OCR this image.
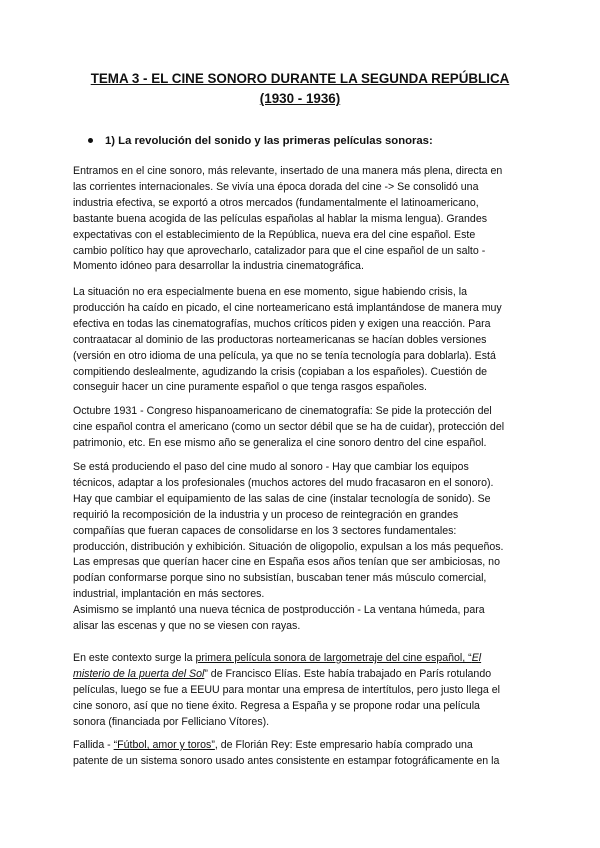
TEMA 3 - EL CINE SONORO DURANTE LA SEGUNDA REPÚBLICA
(1930 - 1936)
1) La revolución del sonido y las primeras películas sonoras:

Entramos en el cine sonoro, más relevante, insertado de una manera más plena, directa en
las corrientes internacionales. Se vivía una época dorada del cine -> Se consolidó una
industria efectiva, se exportó a otros mercados (fundamentalmente el latinoamericano,
bastante buena acogida de las películas españolas al hablar la misma lengua). Grandes
expectativas con el establecimiento de la República, nueva era del cine español. Este
cambio político hay que aprovecharlo, catalizador para que el cine español de un salto -
Momento idóneo para desarrollar la industria cinematográfica.

La situación no era especialmente buena en ese momento, sigue habiendo crisis, la
producción ha caído en picado, el cine norteamericano está implantándose de manera muy
efectiva en todas las cinematografías, muchos críticos piden y exigen una reacción. Para
contraatacar al dominio de las productoras norteamericanas se hacían dobles versiones
(versión en otro idioma de una película, ya que no se tenía tecnología para doblarla). Está
compitiendo deslealmente, agudizando la crisis (copiaban a los españoles). Cuestión de
conseguir hacer un cine puramente español o que tenga rasgos españoles.

Octubre 1931 - Congreso hispanoamericano de cinematografía: Se pide la protección del
cine español contra el americano (como un sector débil que se ha de cuidar), protección del
patrimonio, etc. En ese mismo año se generaliza el cine sonoro dentro del cine español.

Se está produciendo el paso del cine mudo al sonoro - Hay que cambiar los equipos
técnicos, adaptar a los profesionales (muchos actores del mudo fracasaron en el sonoro).
Hay que cambiar el equipamiento de las salas de cine (instalar tecnología de sonido). Se
requirió la recomposición de la industria y un proceso de reintegración en grandes
compañías que fueran capaces de consolidarse en los 3 sectores fundamentales:
producción, distribución y exhibición. Situación de oligopolio, expulsan a los más pequeños.
Las empresas que querían hacer cine en España esos años tenían que ser ambiciosas, no
podían conformarse porque sino no subsistían, buscaban tener más músculo comercial,
industrial, implantación en más sectores.

Asimismo se implantó una nueva técnica de postproducción - La ventana húmeda, para
alisar las escenas y que no se viesen con rayas.

En este contexto surge la primera película sonora de largometraje del cine español, “El
misterio de la puerta del Sol” de Francisco Elías. Este había trabajado en París rotulando
películas, luego se fue a EEUU para montar una empresa de intertítulos, pero justo llega el
cine sonoro, así que no tiene éxito. Regresa a España y se propone rodar una película
sonora (financiada por Felliciano Vítores).

Fallida - “Fútbol, amor y toros”, de Florián Rey: Este empresario había comprado una
patente de un sistema sonoro usado antes consistente en estampar fotográficamente en la
